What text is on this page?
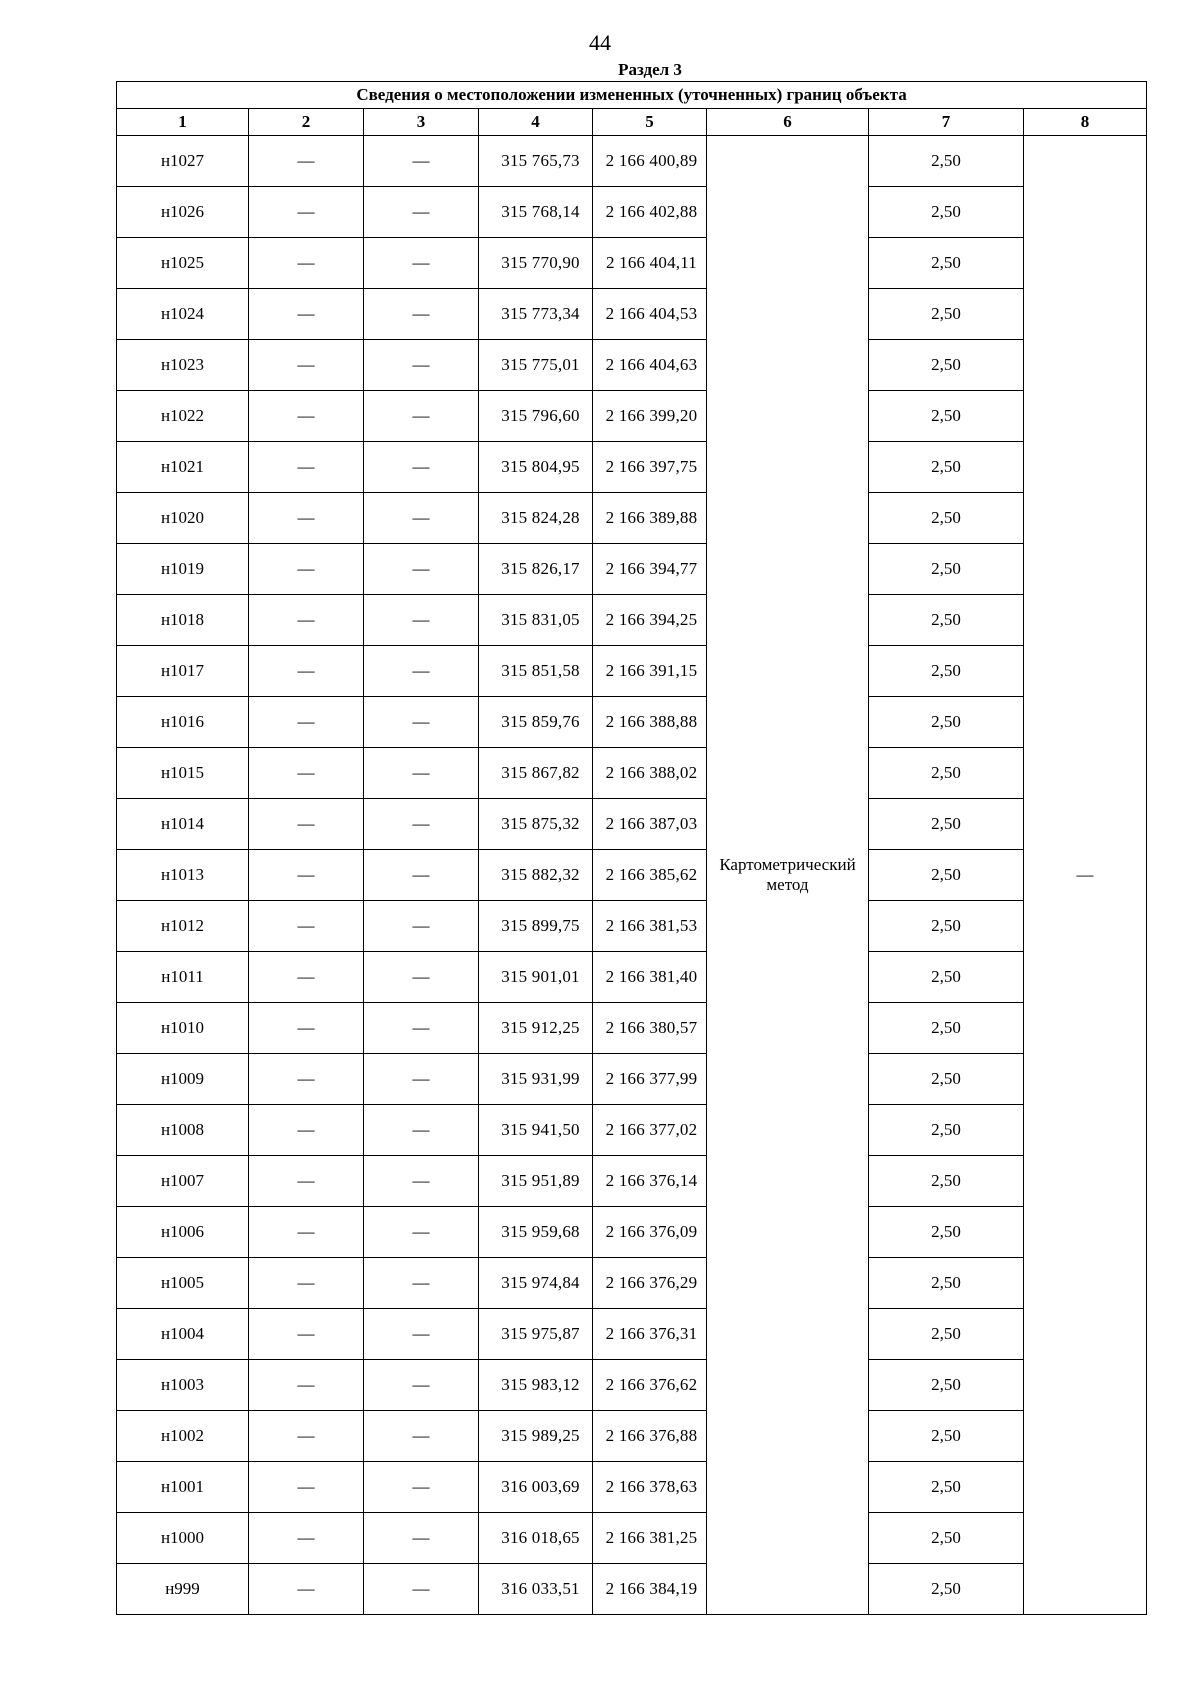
44
Раздел 3
Сведения о местоположении измененных (уточненных) границ объекта							
1	2	3	4	5	6	7	8
н1027	—	—	315 765,73	2 166 400,89	Картометрический метод	2,50	—
н1026	—	—	315 768,14	2 166 402,88		2,50	
н1025	—	—	315 770,90	2 166 404,11		2,50	
н1024	—	—	315 773,34	2 166 404,53		2,50	
н1023	—	—	315 775,01	2 166 404,63		2,50	
н1022	—	—	315 796,60	2 166 399,20		2,50	
н1021	—	—	315 804,95	2 166 397,75		2,50	
н1020	—	—	315 824,28	2 166 389,88		2,50	
н1019	—	—	315 826,17	2 166 394,77		2,50	
н1018	—	—	315 831,05	2 166 394,25		2,50	
н1017	—	—	315 851,58	2 166 391,15		2,50	
н1016	—	—	315 859,76	2 166 388,88		2,50	
н1015	—	—	315 867,82	2 166 388,02		2,50	
н1014	—	—	315 875,32	2 166 387,03		2,50	
н1013	—	—	315 882,32	2 166 385,62		2,50	
н1012	—	—	315 899,75	2 166 381,53		2,50	
н1011	—	—	315 901,01	2 166 381,40		2,50	
н1010	—	—	315 912,25	2 166 380,57		2,50	
н1009	—	—	315 931,99	2 166 377,99		2,50	
н1008	—	—	315 941,50	2 166 377,02		2,50	
н1007	—	—	315 951,89	2 166 376,14		2,50	
н1006	—	—	315 959,68	2 166 376,09		2,50	
н1005	—	—	315 974,84	2 166 376,29		2,50	
н1004	—	—	315 975,87	2 166 376,31		2,50	
н1003	—	—	315 983,12	2 166 376,62		2,50	
н1002	—	—	315 989,25	2 166 376,88		2,50	
н1001	—	—	316 003,69	2 166 378,63		2,50	
н1000	—	—	316 018,65	2 166 381,25		2,50	
н999	—	—	316 033,51	2 166 384,19		2,50	
